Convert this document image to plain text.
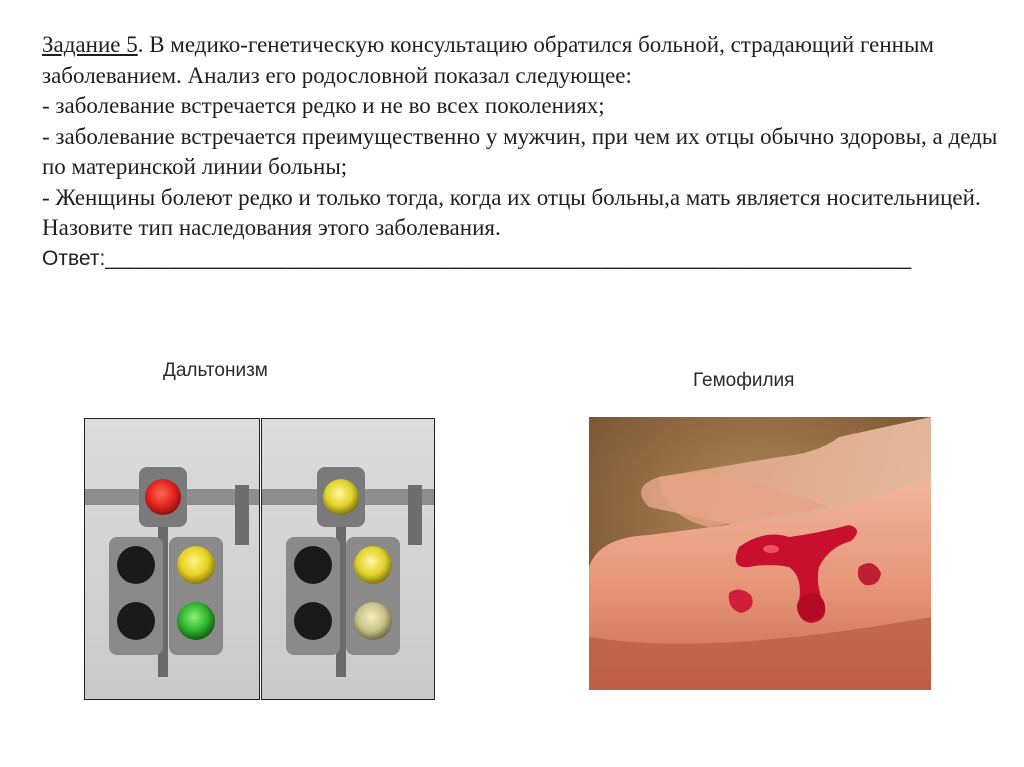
Задание 5. В медико-генетическую консультацию обратился больной, страдающий генным заболеванием. Анализ его родословной показал следующее:

- заболевание встречается редко и не во всех поколениях;

- заболевание встречается преимущественно у мужчин, при чем их отцы обычно здоровы, а деды по материнской линии больны;

- Женщины болеют редко и только тогда, когда их отцы больны,а мать является носительницей.

Назовите тип наследования этого заболевания.

Ответ:_____________________________________________________________________

Дальтонизм	Гемофилия
